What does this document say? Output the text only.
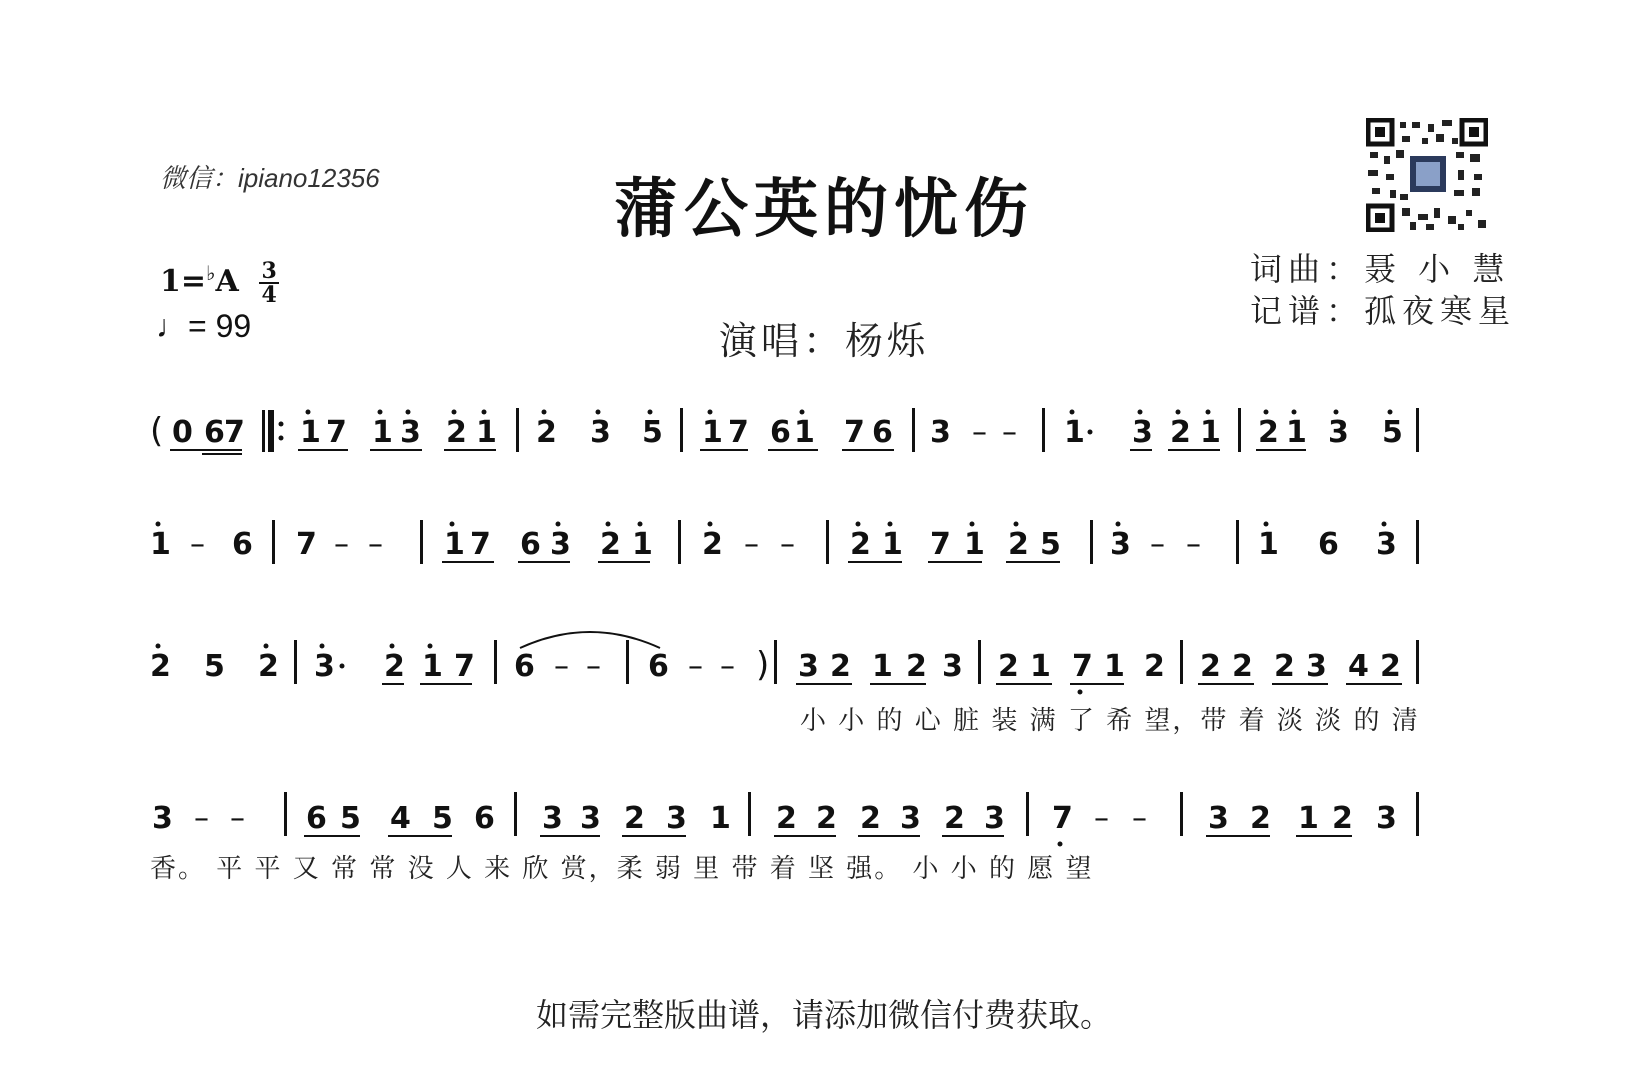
微信：ipiano12356	蒲公英的忧伤
$1=^♭A \frac{3}{4}$
♩= 99	演唱：杨烁
词曲：聂 小 慧
记谱：孤夜寒星
( 0 6 7 1 7 1 3 2 1 2 3 5 1 7 6 1 7 6 3 – – 1 3 2 1 2 1 3 5
1 – 6 7 – – 1 7 6 3 2 1 2 – – 2 1 7 1 2 5 3 – – 1 6 3
2 5 2 3 2 1 7 6 – – 6 – – ) 3 2 1 2 3 2 1 7 1 2 2 2 2 3 4 2
小 小 的 心 脏 装 满 了 希 望，带 着 淡 淡 的 清
3 – – 6 5 4 5 6 3 3 2 3 1 2 2 2 3 2 3 7 – – 3 2 1 2 3
香。 平 平 又 常 常 没 人 来 欣 赏，柔 弱 里 带 着 坚 强。 小 小 的 愿 望
如需完整版曲谱，请添加微信付费获取。
